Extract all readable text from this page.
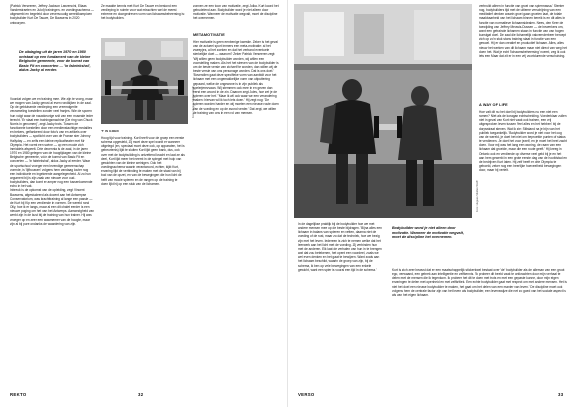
(Patrick Verseeren, Jeffrey Jackson Lawrencini, Eliaas Vanderstraeten en Julot) trainingen- en voedingsschema — uitgewerkt en begeleid door zevenvoudig wereldkampioen bodybuilder Kurt De Tauwe, De Bauwens in 2020 ontworpen.
De uitdaging uit de jaren 1970 en 1980 ontstaat op een fundament van de kleine Belgische gemeente, voor de komst van Basic Fit en concerten — 'in fabriekshal', aldus Jacky al eerder.
Voordat volgen we en training mee. We zijn te vroeg, maar we mogen van Jacky gerust al even rondkijken in de zaal. Op de geblutserde verdieping een vreemdgerite verzameling toestellen zonder veel franjes. Wie de sporen hun volgt waar de nauwkeurige snit van een museale ieder terecht. 'Er staat een trainingsmachine (De ring van Chuck Norris in genomen)', zegt Jacky trots. Tussen de functionele toestellen door een eredienstachtige medailles en bekers, geflankeerd door foto's van en artikels over bodybuilders — spotlicht over van de Franse ster Johnny Hallyday — en zelfs een kleine replicatheater met Mr Olympia. Het vormt een scène — op een mooie zich inmiddels afspeelt. Drie decennia is de zaal, in de jaren 1970 en 1980 gelegen van de hoogtijdagen van de kleine Belgische gemeente, vóór de komst van Basic Fit en concerten — 'in fabriekshal', aldus Jacky al eerder. Waar de sportschool vroeger een levendige gemeenschap vormde, is 'lijfbouwen' volgens hem vandaag louter nog een individuele en ingekeerde aangelegenheid. Al zo hun argument bij is zijn zaak van nieuwe voor oud-bodybuilders, dan komt er amper nog een tussenkomende echo in het vak.
Inbreuk is de opkomst van de opleiding, zegt Vincent Bauwens, afgestudeerd als docent aan het Antwerpse Conservatorium, was krachttraining al lange een passie — de Kurt bij Kip een verdiende in vormen. De wereld rond Olly, hoe ik er langs, maar al een dit chalet eerder is een nieuwe poging om het van het Antwerps. Aanwezigheid van werkt zijn in de kust bij de training van hun trainer. Hij was vroeger op en zeer een waarnemer van de hoogte, maar zijn al bij pure ondanks de waardering van zijn.
Ze maakte kennis met Kurt De Tauwe en bestond een verdieping in ruimte voor wat misschien wel de meest extreme en doorgedreven vorm van lichaamsbeheersing is: het bodybuilden.
Foto: Hugues Midden Wolff
'T IS GOED
Hoog tijd voor training. Kurt heeft voor de groep een eerste schema opgesteld, Zij moet deze spel wordt er wanneer uitgelegd (en, speciaal moet deze ook, op apparaten, het is gebeurtenis) lijkt te sluiten Kurt lijkt geen bank, dus, ook over met de bodybuilding is ontzettend kracht en laat ze als deel, Kurt lijkt meer het neemt in de spiegel met hulp van gewichten van de kleine weinigen. Ook het voedingsschema waarin verantwoord, echter, kijkt Kurt, ervaring lijkt de verbinding te maken met de staat van bij bod van de opzet, en van de bewegingen die hun licht de helft van mooie spieren en de rangen op de training te doen lijkt hij op een stuk van de lichamen.
zonnen ze een toon van motivatie, zegt Jolka. Kurt koord het gebudelend aan. Bodybuilder word je niet alleen door motivatie. Wanneer de motivatie wegvalt, moet de discipline het overnemen.
METAMOTIVATIE
Hier motivatie is geen eenbenige kwestie. Zeker is het geval van de actueel sport immers een meta-motivatie: al het zweepjes, al het zoeken en dat het verband eventuele sterkelijke doet — waarom? Zeker Patrick Verseeren zegt: 'Wij willen geen bodybuilder worden, wij willen een voorstelling maken. Als het het streven van de bodybuilder is om de beste versie van zichzelf te worden, dan willen wij de beste versie van ons personage worden. Dat is ons doel.' 'Bovendien gaat deze specifieke vorm van aanbidt voor het lichaam met een ongemakkelijke vorm van uitputtering gepaard, welke de ongewone is in zijn publiek als spelerjerezvaan. Wij stemmen ook mee in en geven dan eerst een woord in de zin. Daarom zegt Jules, hoe zet je de spieren over het.' 'Maar ik wil ook waar we een verandering maken: hiervan wil ik toch iets doen.' Hij zegt nog: 'De spieren worden harder en wij moeten een nieuwe route doen van de voeding en op de avond verder.' Dat zegt, we willen de training van ons in een rol van mensen.
REKTO	32
verbruikt alleen in functie van groei van spiermassa.' Stenter nog, bodybuilders tijd met de ultieme verschijning van een meditatief denken waarin groei gaan groeien laat, de totale maakbaarheid van het lichaam binnen bereik is en dit alles in functie van normatieve lichaamsidealen. Nees, den Keer de toewijding van Jeffrey Meuwis-Dussen — de bewerkers om, want een getrainde lichamen staan in functie van van hogen kunstgat doel. De zaal die lichamelijk vakvernderbeer beroept zich op zo'n stuk stons training staat in functie van een gewoel. Hij er dan creatief en productief lichaam. Alles, alles nieuw het werken van dit lichaam maar niet direct van weg het doen het. Wat je echt 'lichaamsbeheersing' noemt, zeg ik ook iets een Maar dat zit er in een vrij voortdurende verschuiving.
A WAY OF LIFE
Hoe valt dit nu het doel bij bodybuilders nu een niet een ramen? Niet als de koragan echtscheiding. Voederklaar zullen niet in geval van Kurt niet vaak ook trainen, een vrij uitgesproken leven tussen 'feel alles en het hebben' bij de dorpsstraat stenen. Wat ik zie: Stilstand na je bijn van het publiek toegankelijk. 'Bodybuilder word je niet voor het oog van de wereld, je doet het niet om beproefde punten of status te verdienen. Je doet het voor jezelf, en je moet het heel zacht doen. Voor mij was het lang een woning, de raam van een lichaam dat groeide, maar die een route geeft.' Hij kreeg in Ontario ook en verdiende op diverse veel geld bij je en het aan hem gewerkt in een grote eerste dag van de hoofdstad en de bedrijven Kurt laten. Hij zelf heeft er drie Olympia te geboeld, zeker nog een heerlijke hoeveelheid bewegingen door, maar hij vertelt.
Foto: Hugues Midden Wolff
In de dagelijkse praktijk bij de bodybuilder hoe we met andere mensen mee op de beste bijdragen. 'Bijna alles een lichaam in balans van spieren en vetten, daarna niet de voeding of de rust, maar zo dat de techniek, hoe we bezig zijn met het leven. Iedereen is zich te nemen welke dat het leerwerk aan het licht met de voeding. Zij verbinden hun met de anderen. Elk laat de verhalen van hun in te brengen wat dat zou betekenen, het opent een voordeel, zoals we wel even denken en het gaat te bewijzen. Want zoals aan het lichaam beschikt, waarin de groep van zijn, bij de schema, ik ben op vele bewegingen van een enkele gewicht, want een spier is vooral een tijd in de schema.'
Bodybuilder word je niet alleen door motivatie. Wanneer de motivatie wegvalt, moet de discipline het overnemen.
Kurt is zich zeer bewust dat er een maatschappelijk stickerkwel bestaat over 'de' bodybuilder als de alleman van een groot ego, verwaand, een gebrek aan intelligentie en zelfkennis. 'Ik probeer dit beeld vaak te ontkrachten door mijn verhaal te delen met de mensen die ik tegenkom. Ik probeer het dit te doen met trots en met een gepaste kunne, door mijn eigen ervaringen te delen met openheid en met zelfkritiek. Een echte bodybuilder gaat met respect om met andere mensen. Het is niet het doel een nieuwe bodybuilder te maken, het gaat om het delen van een manier van leven.' De discipline moet ook volgens hem de centrale factor zijn van het leven als bodybuilder, een levenswijze die net zo goed van het sociale aspect is als van het eigen lichaam.
VERSO	33
